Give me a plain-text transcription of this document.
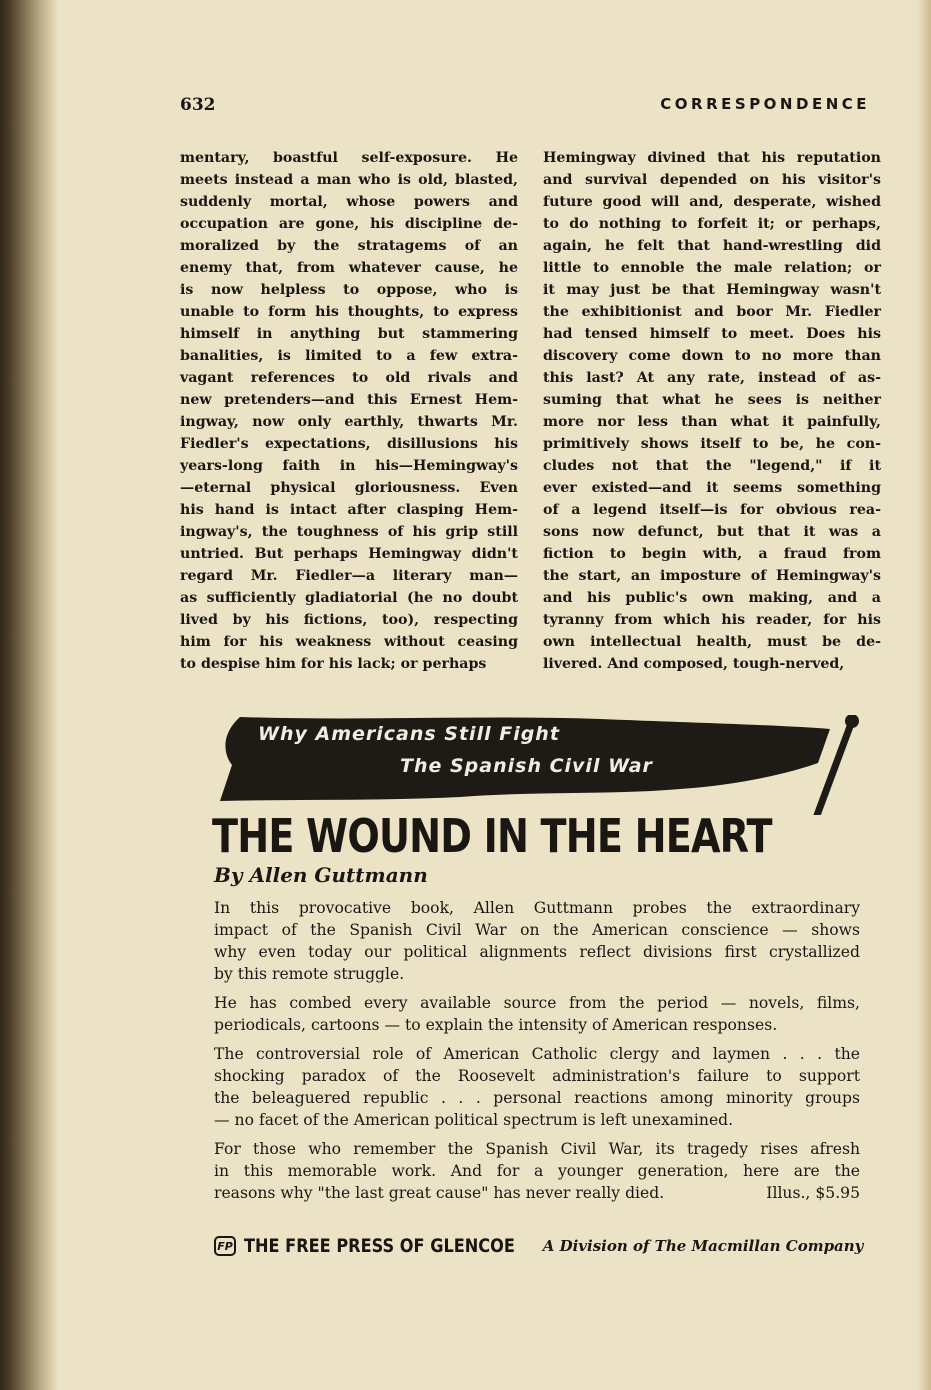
632	CORRESPONDENCE
mentary, boastful self-exposure. He
meets instead a man who is old, blasted,
suddenly mortal, whose powers and
occupation are gone, his discipline de-
moralized by the stratagems of an
enemy that, from whatever cause, he
is now helpless to oppose, who is
unable to form his thoughts, to express
himself in anything but stammering
banalities, is limited to a few extra-
vagant references to old rivals and
new pretenders—and this Ernest Hem-
ingway, now only earthly, thwarts Mr.
Fiedler's expectations, disillusions his
years-long faith in his—Hemingway's
—eternal physical gloriousness. Even
his hand is intact after clasping Hem-
ingway's, the toughness of his grip still
untried. But perhaps Hemingway didn't
regard Mr. Fiedler—a literary man—
as sufficiently gladiatorial (he no doubt
lived by his fictions, too), respecting
him for his weakness without ceasing
to despise him for his lack; or perhaps
Hemingway divined that his reputation
and survival depended on his visitor's
future good will and, desperate, wished
to do nothing to forfeit it; or perhaps,
again, he felt that hand-wrestling did
little to ennoble the male relation; or
it may just be that Hemingway wasn't
the exhibitionist and boor Mr. Fiedler
had tensed himself to meet. Does his
discovery come down to no more than
this last? At any rate, instead of as-
suming that what he sees is neither
more nor less than what it painfully,
primitively shows itself to be, he con-
cludes not that the "legend," if it
ever existed—and it seems something
of a legend itself—is for obvious rea-
sons now defunct, but that it was a
fiction to begin with, a fraud from
the start, an imposture of Hemingway's
and his public's own making, and a
tyranny from which his reader, for his
own intellectual health, must be de-
livered. And composed, tough-nerved,
Why Americans Still Fight
The Spanish Civil War
THE WOUND IN THE HEART
By Allen Guttmann
In this provocative book, Allen Guttmann probes the extraordinary
impact of the Spanish Civil War on the American conscience — shows
why even today our political alignments reflect divisions first crystallized
by this remote struggle.
He has combed every available source from the period — novels, films,
periodicals, cartoons — to explain the intensity of American responses.
The controversial role of American Catholic clergy and laymen . . . the
shocking paradox of the Roosevelt administration's failure to support
the beleaguered republic . . . personal reactions among minority groups
— no facet of the American political spectrum is left unexamined.
For those who remember the Spanish Civil War, its tragedy rises afresh
in this memorable work. And for a younger generation, here are the
reasons why "the last great cause" has never really died.	Illus., $5.95
FP THE FREE PRESS OF GLENCOE A Division of The Macmillan Company
